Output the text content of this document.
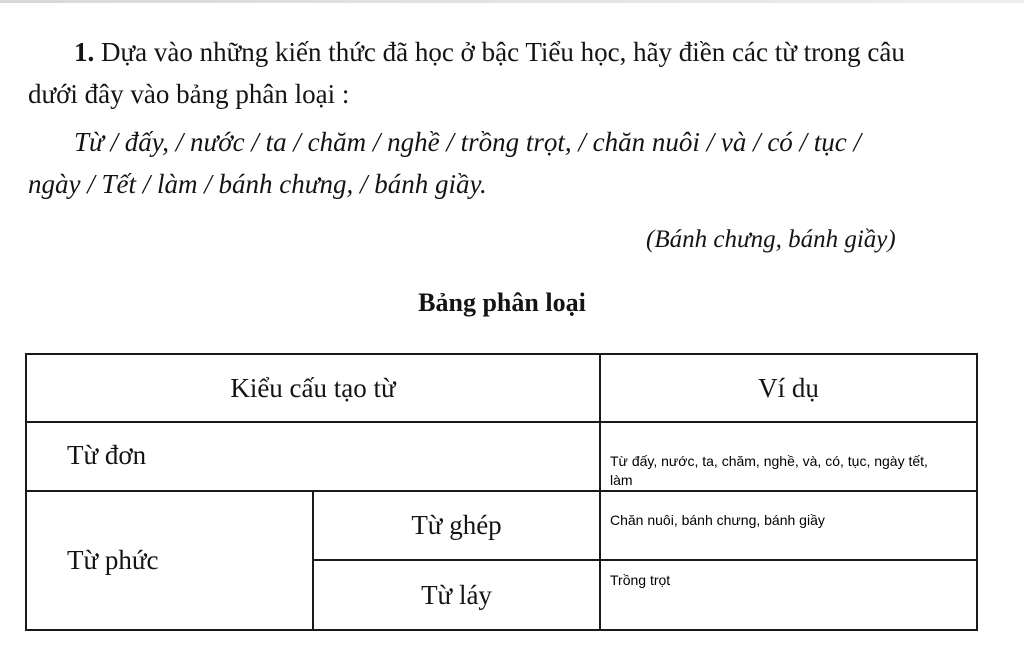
1. Dựa vào những kiến thức đã học ở bậc Tiểu học, hãy điền các từ trong câu

dưới đây vào bảng phân loại :

Từ / đấy, / nước / ta / chăm / nghề / trồng trọt, / chăn nuôi / và / có / tục /

ngày / Tết / làm / bánh chưng, / bánh giầy.

(Bánh chưng, bánh giầy)

Bảng phân loại

Kiểu cấu tạo từ	Ví dụ
Từ đơn	Từ đấy, nước, ta, chăm, nghề, và, có, tục, ngày tết,
làm
Từ phức
Từ ghép	Chăn nuôi, bánh chưng, bánh giầy
Từ láy	Trồng trọt
